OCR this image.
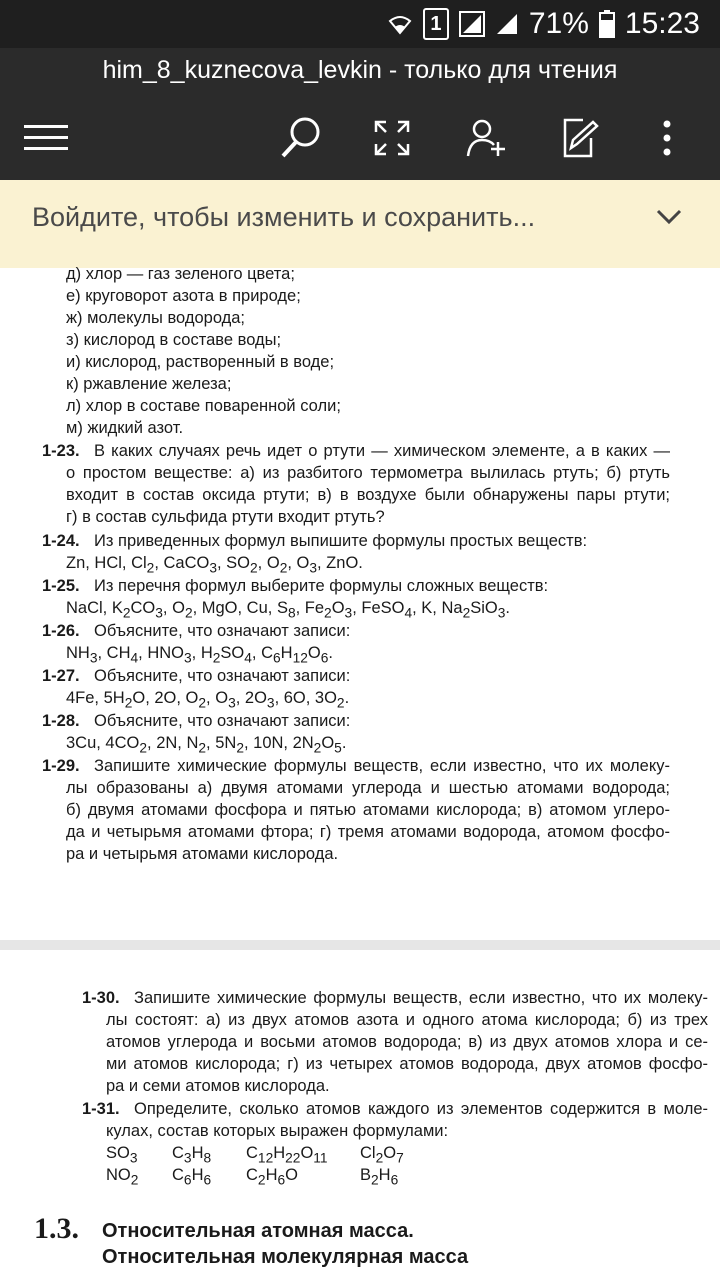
1	71% 15:23
him_8_kuznecova_levkin - только для чтения
Войдите, чтобы изменить и сохранить...
д) хлор — газ зеленого цвета;
е) круговорот азота в природе;
ж) молекулы водорода;
з) кислород в составе воды;
и) кислород, растворенный в воде;
к) ржавление железа;
л) хлор в составе поваренной соли;
м) жидкий азот.
1-23. В каких случаях речь идет о ртути — химическом элементе, а в каких —
о простом веществе: а) из разбитого термометра вылилась ртуть; б) ртуть
входит в состав оксида ртути; в) в воздухе были обнаружены пары ртути;
г) в состав сульфида ртути входит ртуть?
1-24. Из приведенных формул выпишите формулы простых веществ:
Zn, HCl, $Cl_2$, CaCO$_3$, $SO_2$, $O_2$, $O_3$, ZnO.
1-25. Из перечня формул выберите формулы сложных веществ:
NaCl, $K_2CO_3$, $O_2$, MgO, Cu, $S_8$, $Fe_2O_3$, FeSO$_4$, K, $Na_2SiO_3$.
1-26. Объясните, что означают записи:
$NH_3$, $CH_4$, $HNO_3$, $H_2SO_4$, $C_6H_{12}O_6$.
1-27. Объясните, что означают записи:
4Fe, $5H_2O$, 2O, $O_2$, $O_3$, $2O_3$, 6O, $3O_2$.
1-28. Объясните, что означают записи:
3Cu, $4CO_2$, 2N, $N_2$, $5N_2$, 10N, $2N_2O_5$.
1-29. Запишите химические формулы веществ, если известно, что их молеку-
лы образованы а) двумя атомами углерода и шестью атомами водорода;
б) двумя атомами фосфора и пятью атомами кислорода; в) атомом углеро-
да и четырьмя атомами фтора; г) тремя атомами водорода, атомом фосфо-
ра и четырьмя атомами кислорода.
1-30. Запишите химические формулы веществ, если известно, что их молеку-
лы состоят: а) из двух атомов азота и одного атома кислорода; б) из трех
атомов углерода и восьми атомов водорода; в) из двух атомов хлора и се-
ми атомов кислорода; г) из четырех атомов водорода, двух атомов фосфо-
ра и семи атомов кислорода.
1-31. Определите, сколько атомов каждого из элементов содержится в моле-
кулах, состав которых выражен формулами:
$SO_3$ $C_3H_8$ $C_{12}H_{22}O_{11}$ $Cl_2O_7$
$NO_2$ $C_6H_6$ $C_2H_6O$	$B_2H_6$
1.3. Относительная атомная масса.
Относительная молекулярная масса
